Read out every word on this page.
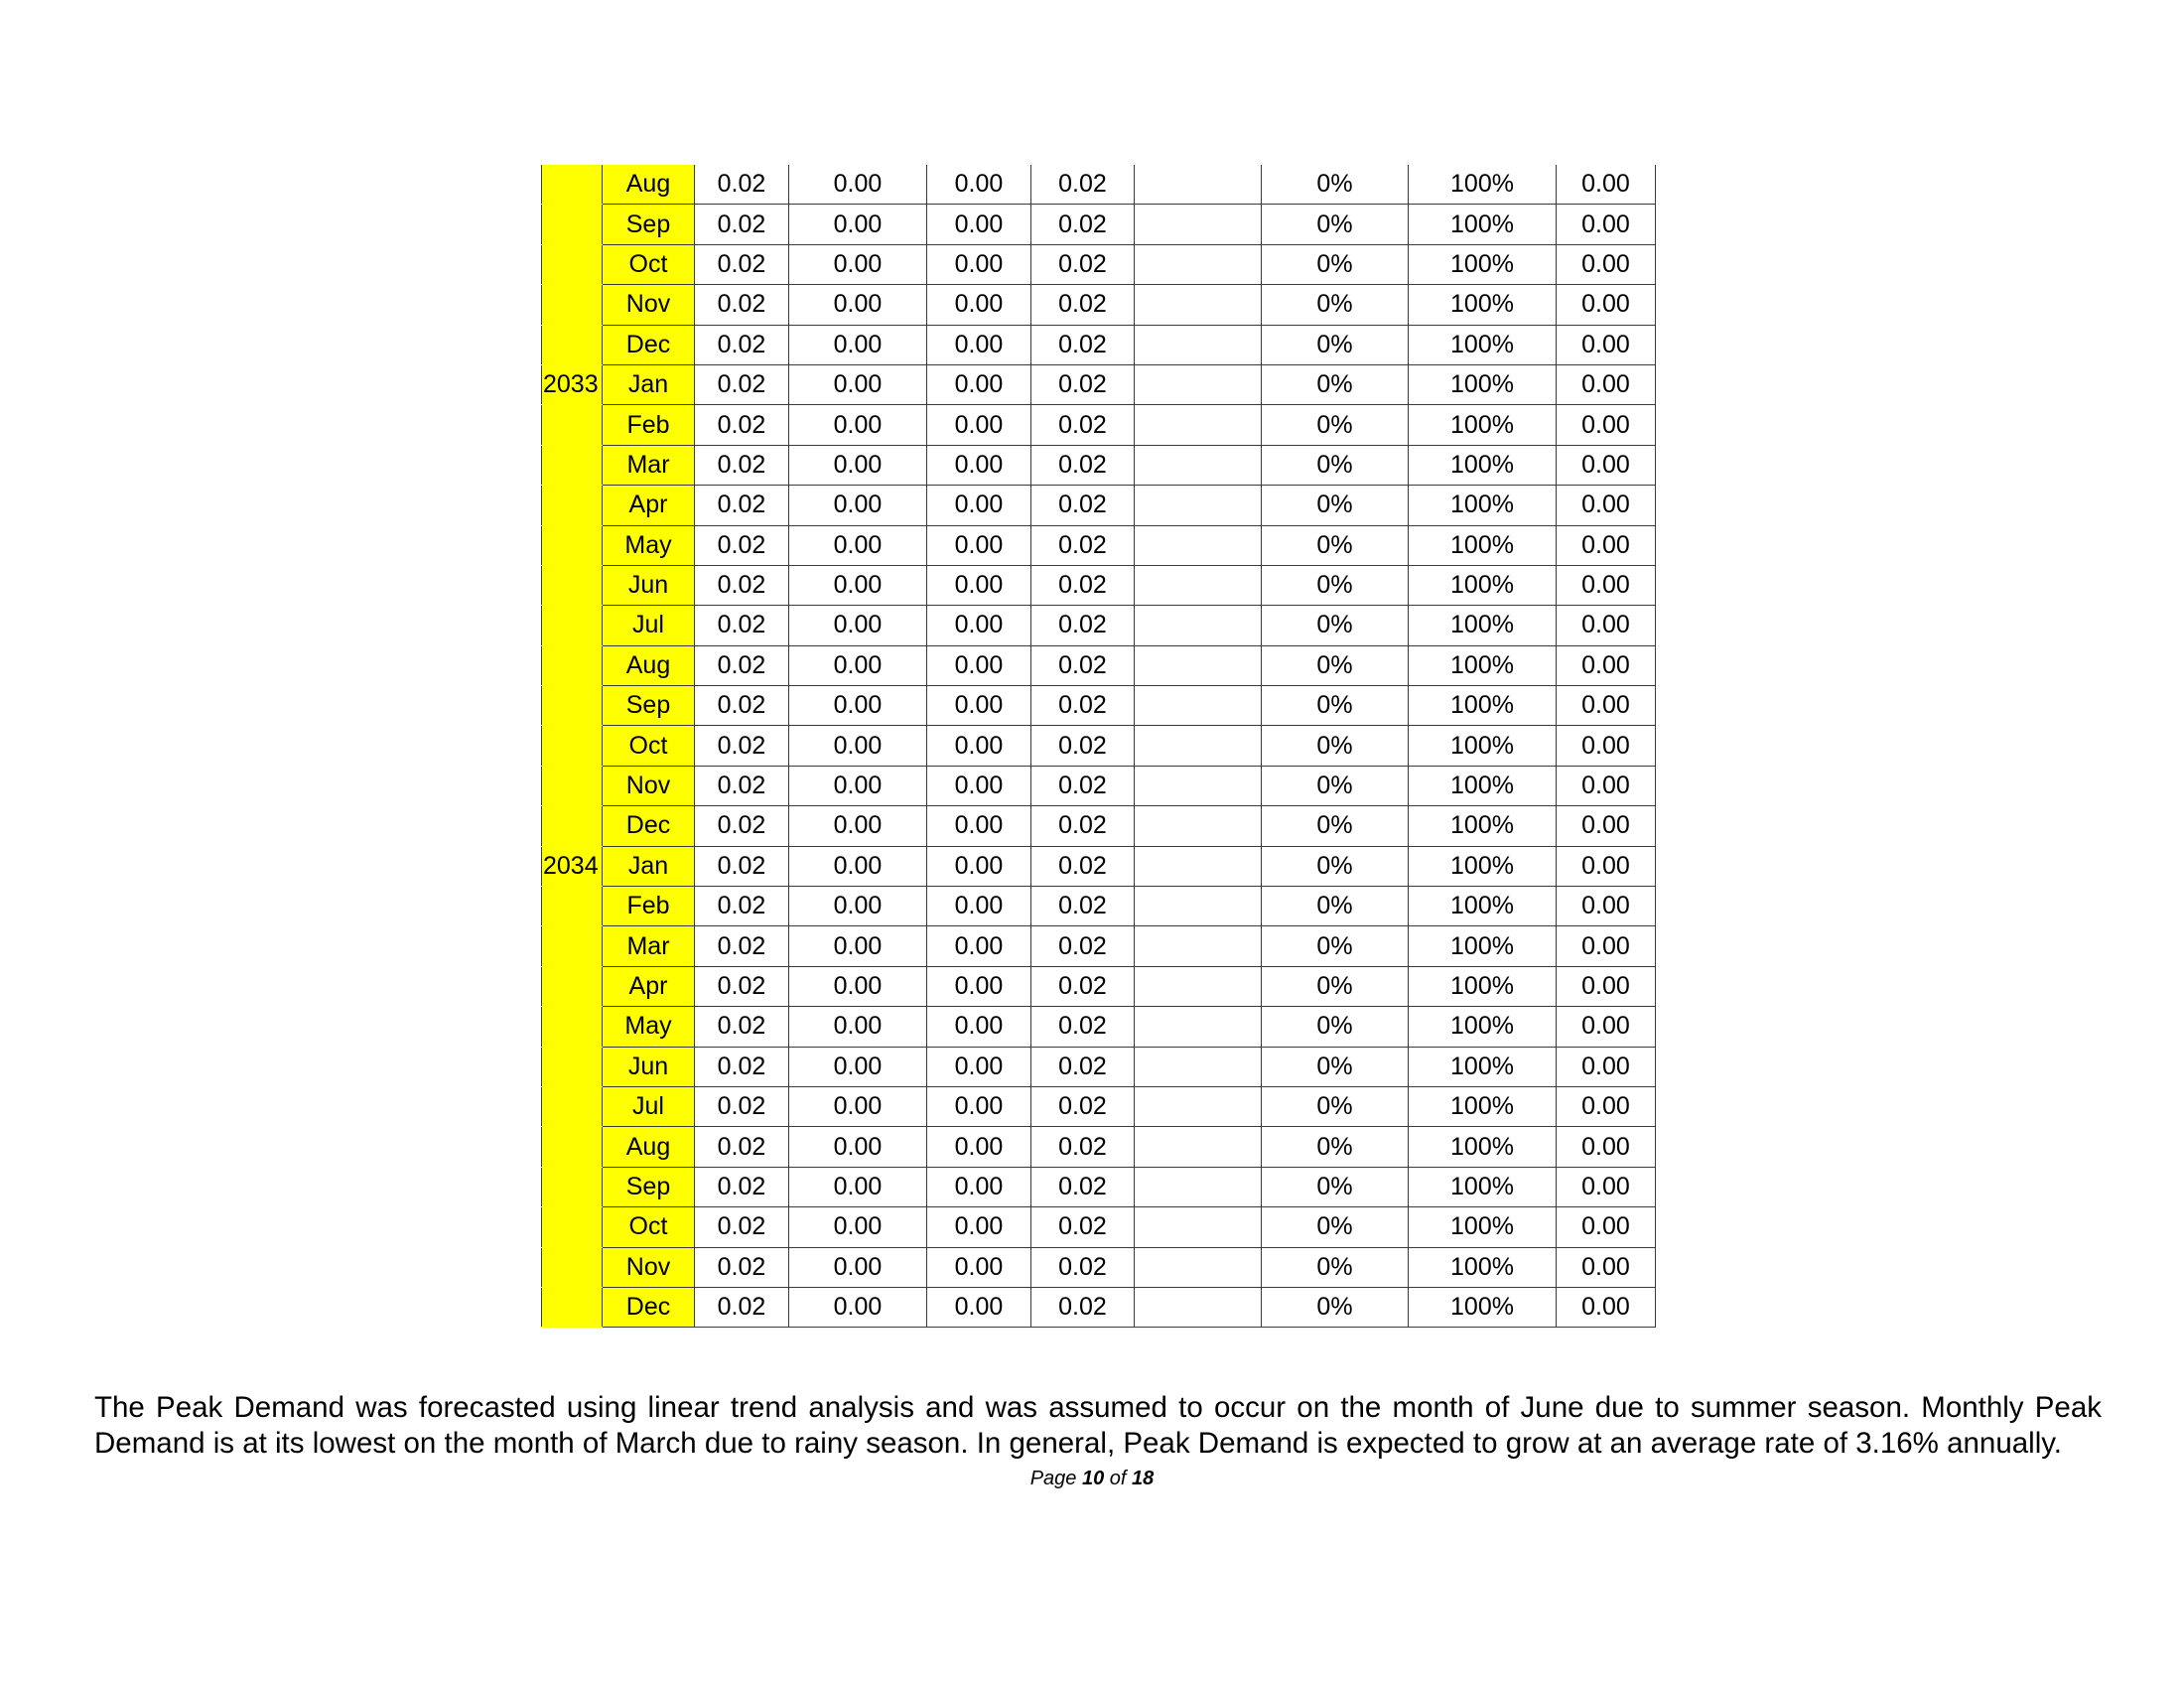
	Aug	0.02	0.00	0.00	0.02		0%	100%	0.00
	Sep	0.02	0.00	0.00	0.02		0%	100%	0.00
	Oct	0.02	0.00	0.00	0.02		0%	100%	0.00
	Nov	0.02	0.00	0.00	0.02		0%	100%	0.00
	Dec	0.02	0.00	0.00	0.02		0%	100%	0.00
2033	Jan	0.02	0.00	0.00	0.02		0%	100%	0.00
	Feb	0.02	0.00	0.00	0.02		0%	100%	0.00
	Mar	0.02	0.00	0.00	0.02		0%	100%	0.00
	Apr	0.02	0.00	0.00	0.02		0%	100%	0.00
	May	0.02	0.00	0.00	0.02		0%	100%	0.00
	Jun	0.02	0.00	0.00	0.02		0%	100%	0.00
	Jul	0.02	0.00	0.00	0.02		0%	100%	0.00
	Aug	0.02	0.00	0.00	0.02		0%	100%	0.00
	Sep	0.02	0.00	0.00	0.02		0%	100%	0.00
	Oct	0.02	0.00	0.00	0.02		0%	100%	0.00
	Nov	0.02	0.00	0.00	0.02		0%	100%	0.00
	Dec	0.02	0.00	0.00	0.02		0%	100%	0.00
2034	Jan	0.02	0.00	0.00	0.02		0%	100%	0.00
	Feb	0.02	0.00	0.00	0.02		0%	100%	0.00
	Mar	0.02	0.00	0.00	0.02		0%	100%	0.00
	Apr	0.02	0.00	0.00	0.02		0%	100%	0.00
	May	0.02	0.00	0.00	0.02		0%	100%	0.00
	Jun	0.02	0.00	0.00	0.02		0%	100%	0.00
	Jul	0.02	0.00	0.00	0.02		0%	100%	0.00
	Aug	0.02	0.00	0.00	0.02		0%	100%	0.00
	Sep	0.02	0.00	0.00	0.02		0%	100%	0.00
	Oct	0.02	0.00	0.00	0.02		0%	100%	0.00
	Nov	0.02	0.00	0.00	0.02		0%	100%	0.00
	Dec	0.02	0.00	0.00	0.02		0%	100%	0.00

The Peak Demand was forecasted using linear trend analysis and was assumed to occur on the month of June due to summer season. Monthly Peak Demand is at its lowest on the month of March due to rainy season. In general, Peak Demand is expected to grow at an average rate of 3.16% annually.

Page 10 of 18
